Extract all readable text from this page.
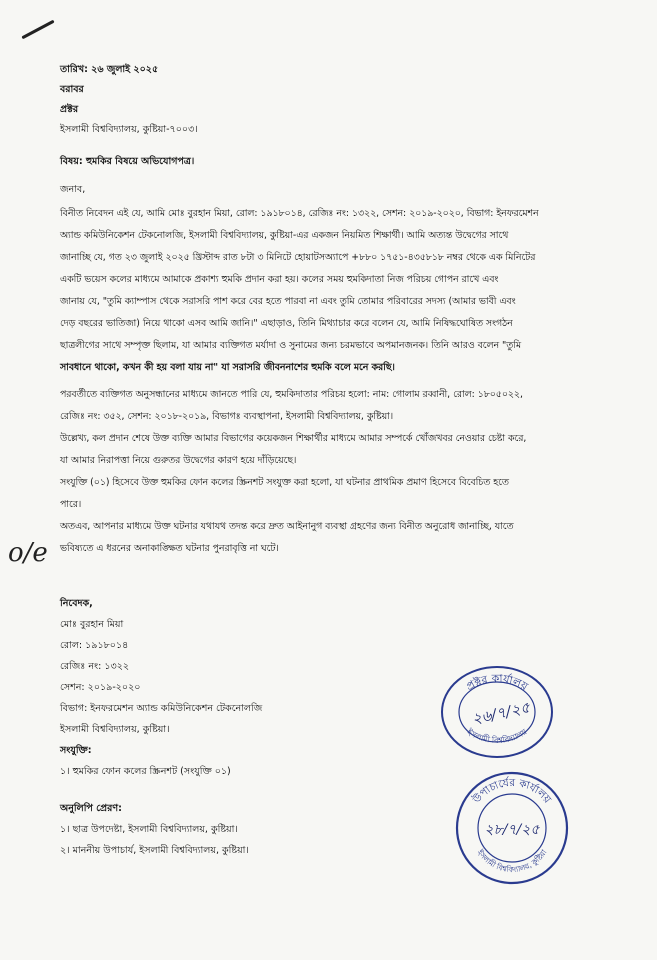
তারিখ: ২৬ জুলাই ২০২৫
বরাবর
প্রক্টর
ইসলামী বিশ্ববিদ্যালয়, কুষ্টিয়া-৭০০৩।
বিষয়: হুমকির বিষয়ে অভিযোগপত্র।
জনাব,
বিনীত নিবেদন এই যে, আমি মোঃ বুরহান মিয়া, রোল: ১৯১৮০১৪, রেজিঃ নং: ১৩২২, সেশন: ২০১৯-২০২০, বিভাগ: ইনফরমেশন
অ্যান্ড কমিউনিকেশন টেকনোলজি, ইসলামী বিশ্ববিদ্যালয়, কুষ্টিয়া-এর একজন নিয়মিত শিক্ষার্থী। আমি অত্যন্ত উদ্বেগের সাথে
জানাচ্ছি যে, গত ২৩ জুলাই ২০২৫ খ্রিস্টাব্দ রাত ৮টা ৩ মিনিটে হোয়াটসঅ্যাপে +৮৮০ ১৭৫১-৪৩৫৮১৮ নম্বর থেকে এক মিনিটের
একটি ভয়েস কলের মাধ্যমে আমাকে প্রকাশ্য হুমকি প্রদান করা হয়। কলের সময় হুমকিদাতা নিজ পরিচয় গোপন রাখে এবং
জানায় যে, "তুমি ক্যাম্পাস থেকে সরাসরি পাশ করে বের হতে পারবা না এবং তুমি তোমার পরিবারের সদস্য (আমার ভাবী এবং
দেড় বছরের ভাতিজা) নিয়ে থাকো এসব আমি জানি।" এছাড়াও, তিনি মিথ্যাচার করে বলেন যে, আমি নিষিদ্ধঘোষিত সংগঠন
ছাত্রলীগের সাথে সম্পৃক্ত ছিলাম, যা আমার ব্যক্তিগত মর্যাদা ও সুনামের জন্য চরমভাবে অপমানজনক। তিনি আরও বলেন "তুমি
সাবধানে থাকো, কখন কী হয় বলা যায় না" যা সরাসরি জীবননাশের হুমকি বলে মনে করছি।
পরবর্তীতে ব্যক্তিগত অনুসন্ধানের মাধ্যমে জানতে পারি যে, হুমকিদাতার পরিচয় হলো: নাম: গোলাম রব্বানী, রোল: ১৮০৫০২২,
রেজিঃ নং: ৩৫২, সেশন: ২০১৮-২০১৯, বিভাগঃ ব্যবস্থাপনা, ইসলামী বিশ্ববিদ্যালয়, কুষ্টিয়া।
উল্লেখ্য, কল প্রদান শেষে উক্ত ব্যক্তি আমার বিভাগের কয়েকজন শিক্ষার্থীর মাধ্যমে আমার সম্পর্কে খোঁজখবর নেওয়ার চেষ্টা করে,
যা আমার নিরাপত্তা নিয়ে গুরুতর উদ্বেগের কারণ হয়ে দাঁড়িয়েছে।
সংযুক্তি (০১) হিসেবে উক্ত হুমকির ফোন কলের স্ক্রিনশট সংযুক্ত করা হলো, যা ঘটনার প্রাথমিক প্রমাণ হিসেবে বিবেচিত হতে
পারে।
অতএব, আপনার মাধ্যমে উক্ত ঘটনার যথাযথ তদন্ত করে দ্রুত আইনানুগ ব্যবস্থা গ্রহণের জন্য বিনীত অনুরোধ জানাচ্ছি, যাতে
ভবিষ্যতে এ ধরনের অনাকাঙ্ক্ষিত ঘটনার পুনরাবৃত্তি না ঘটে।
o/e
নিবেদক,
মোঃ বুরহান মিয়া
রোল: ১৯১৮০১৪
রেজিঃ নং: ১৩২২
সেশন: ২০১৯-২০২০
বিভাগ: ইনফরমেশন অ্যান্ড কমিউনিকেশন টেকনোলজি
ইসলামী বিশ্ববিদ্যালয়, কুষ্টিয়া।
সংযুক্তি:
১। হুমকির ফোন কলের স্ক্রিনশট (সংযুক্তি ০১)
অনুলিপি প্রেরণ:
১। ছাত্র উপদেষ্টা, ইসলামী বিশ্ববিদ্যালয়, কুষ্টিয়া।
২। মাননীয় উপাচার্য, ইসলামী বিশ্ববিদ্যালয়, কুষ্টিয়া।
প্রক্টর কার্যালয়
ইসলামী বিশ্ববিদ্যালয়
২৬/৭/২৫
উপাচার্যের কার্যালয়
ইসলামী বিশ্ববিদ্যালয়, কুষ্টিয়া
২৮/৭/২৫
